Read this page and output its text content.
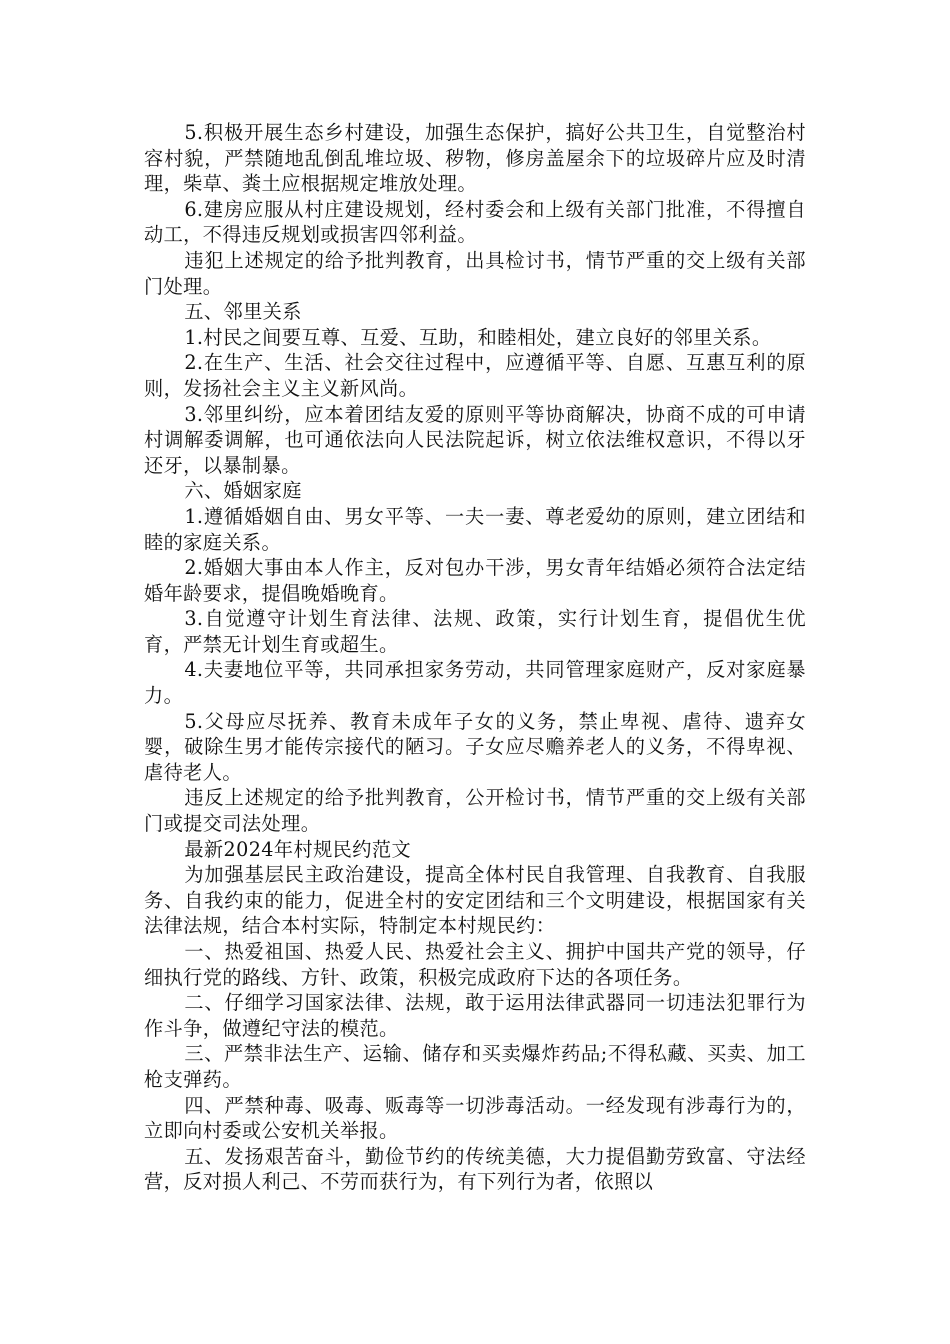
5.积极开展生态乡村建设，加强生态保护，搞好公共卫生，自觉整治村容村貌，严禁随地乱倒乱堆垃圾、秽物，修房盖屋余下的垃圾碎片应及时清理，柴草、粪土应根据规定堆放处理。

6.建房应服从村庄建设规划，经村委会和上级有关部门批准，不得擅自动工，不得违反规划或损害四邻利益。

违犯上述规定的给予批判教育，出具检讨书，情节严重的交上级有关部门处理。

五、邻里关系

1.村民之间要互尊、互爱、互助，和睦相处，建立良好的邻里关系。

2.在生产、生活、社会交往过程中，应遵循平等、自愿、互惠互利的原则，发扬社会主义主义新风尚。

3.邻里纠纷，应本着团结友爱的原则平等协商解决，协商不成的可申请村调解委调解，也可通依法向人民法院起诉，树立依法维权意识，不得以牙还牙，以暴制暴。

六、婚姻家庭

1.遵循婚姻自由、男女平等、一夫一妻、尊老爱幼的原则，建立团结和睦的家庭关系。

2.婚姻大事由本人作主，反对包办干涉，男女青年结婚必须符合法定结婚年龄要求，提倡晚婚晚育。

3.自觉遵守计划生育法律、法规、政策，实行计划生育，提倡优生优育，严禁无计划生育或超生。

4.夫妻地位平等，共同承担家务劳动，共同管理家庭财产，反对家庭暴力。

5.父母应尽抚养、教育未成年子女的义务，禁止卑视、虐待、遗弃女婴，破除生男才能传宗接代的陋习。子女应尽赡养老人的义务，不得卑视、虐待老人。

违反上述规定的给予批判教育，公开检讨书，情节严重的交上级有关部门或提交司法处理。

最新2024年村规民约范文

为加强基层民主政治建设，提高全体村民自我管理、自我教育、自我服务、自我约束的能力，促进全村的安定团结和三个文明建设，根据国家有关法律法规，结合本村实际，特制定本村规民约：

一、热爱祖国、热爱人民、热爱社会主义、拥护中国共产党的领导，仔细执行党的路线、方针、政策，积极完成政府下达的各项任务。

二、仔细学习国家法律、法规，敢于运用法律武器同一切违法犯罪行为作斗争，做遵纪守法的模范。

三、严禁非法生产、运输、储存和买卖爆炸药品;不得私藏、买卖、加工枪支弹药。

四、严禁种毒、吸毒、贩毒等一切涉毒活动。一经发现有涉毒行为的，立即向村委或公安机关举报。

五、发扬艰苦奋斗，勤俭节约的传统美德，大力提倡勤劳致富、守法经营，反对损人利己、不劳而获行为，有下列行为者，依照以
